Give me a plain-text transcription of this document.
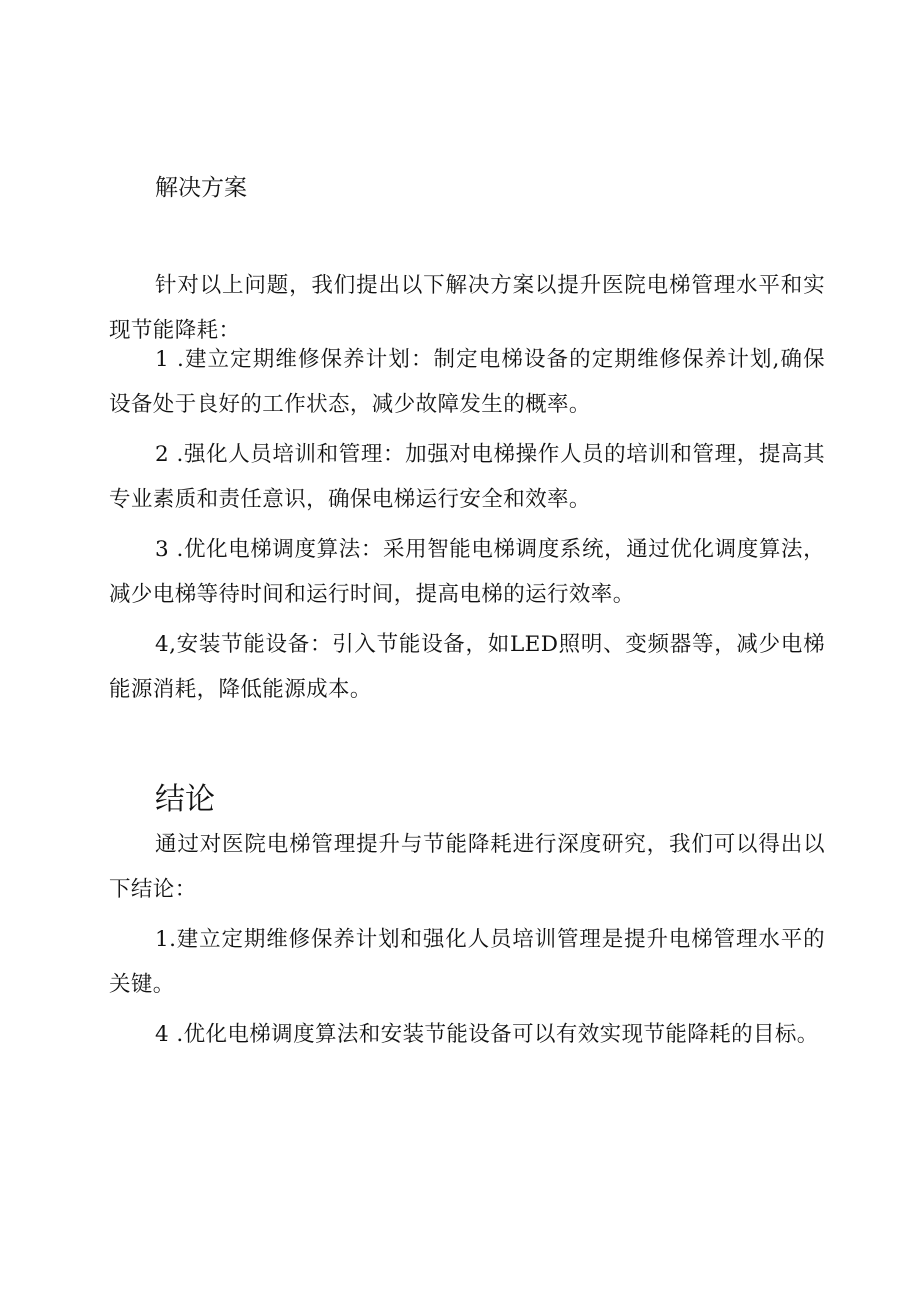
解决方案

针对以上问题，我们提出以下解决方案以提升医院电梯管理水平和实现节能降耗：

1 .建立定期维修保养计划：制定电梯设备的定期维修保养计划,确保设备处于良好的工作状态，减少故障发生的概率。

2 .强化人员培训和管理：加强对电梯操作人员的培训和管理，提高其专业素质和责任意识，确保电梯运行安全和效率。

3 .优化电梯调度算法：采用智能电梯调度系统，通过优化调度算法，减少电梯等待时间和运行时间，提高电梯的运行效率。

4,安装节能设备：引入节能设备，如LED照明、变频器等，减少电梯能源消耗，降低能源成本。

结论

通过对医院电梯管理提升与节能降耗进行深度研究，我们可以得出以下结论：

1.建立定期维修保养计划和强化人员培训管理是提升电梯管理水平的关键。

4 .优化电梯调度算法和安装节能设备可以有效实现节能降耗的目标。
